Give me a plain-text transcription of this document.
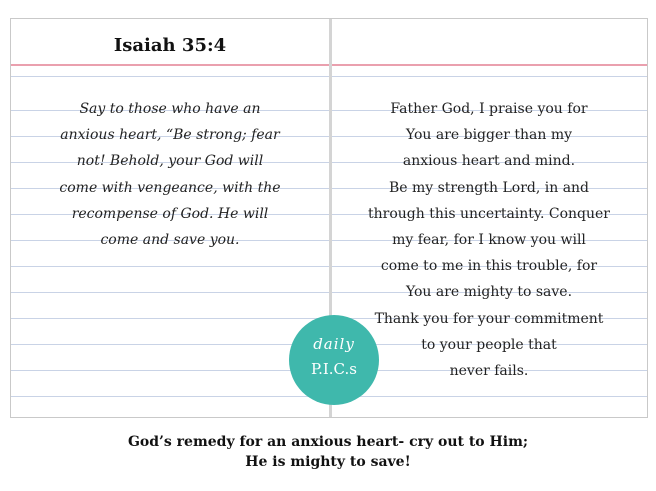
Isaiah 35:4

Say to those who have an
anxious heart, “Be strong; fear
not! Behold, your God will
come with vengeance, with the
recompense of God. He will
come and save you.

Father God, I praise you for
You are bigger than my
anxious heart and mind.
Be my strength Lord, in and
through this uncertainty. Conquer
my fear, for I know you will
come to me in this trouble, for
You are mighty to save.
Thank you for your commitment
to your people that
never fails.

daily
P.I.C.s

God’s remedy for an anxious heart- cry out to Him;
He is mighty to save!
